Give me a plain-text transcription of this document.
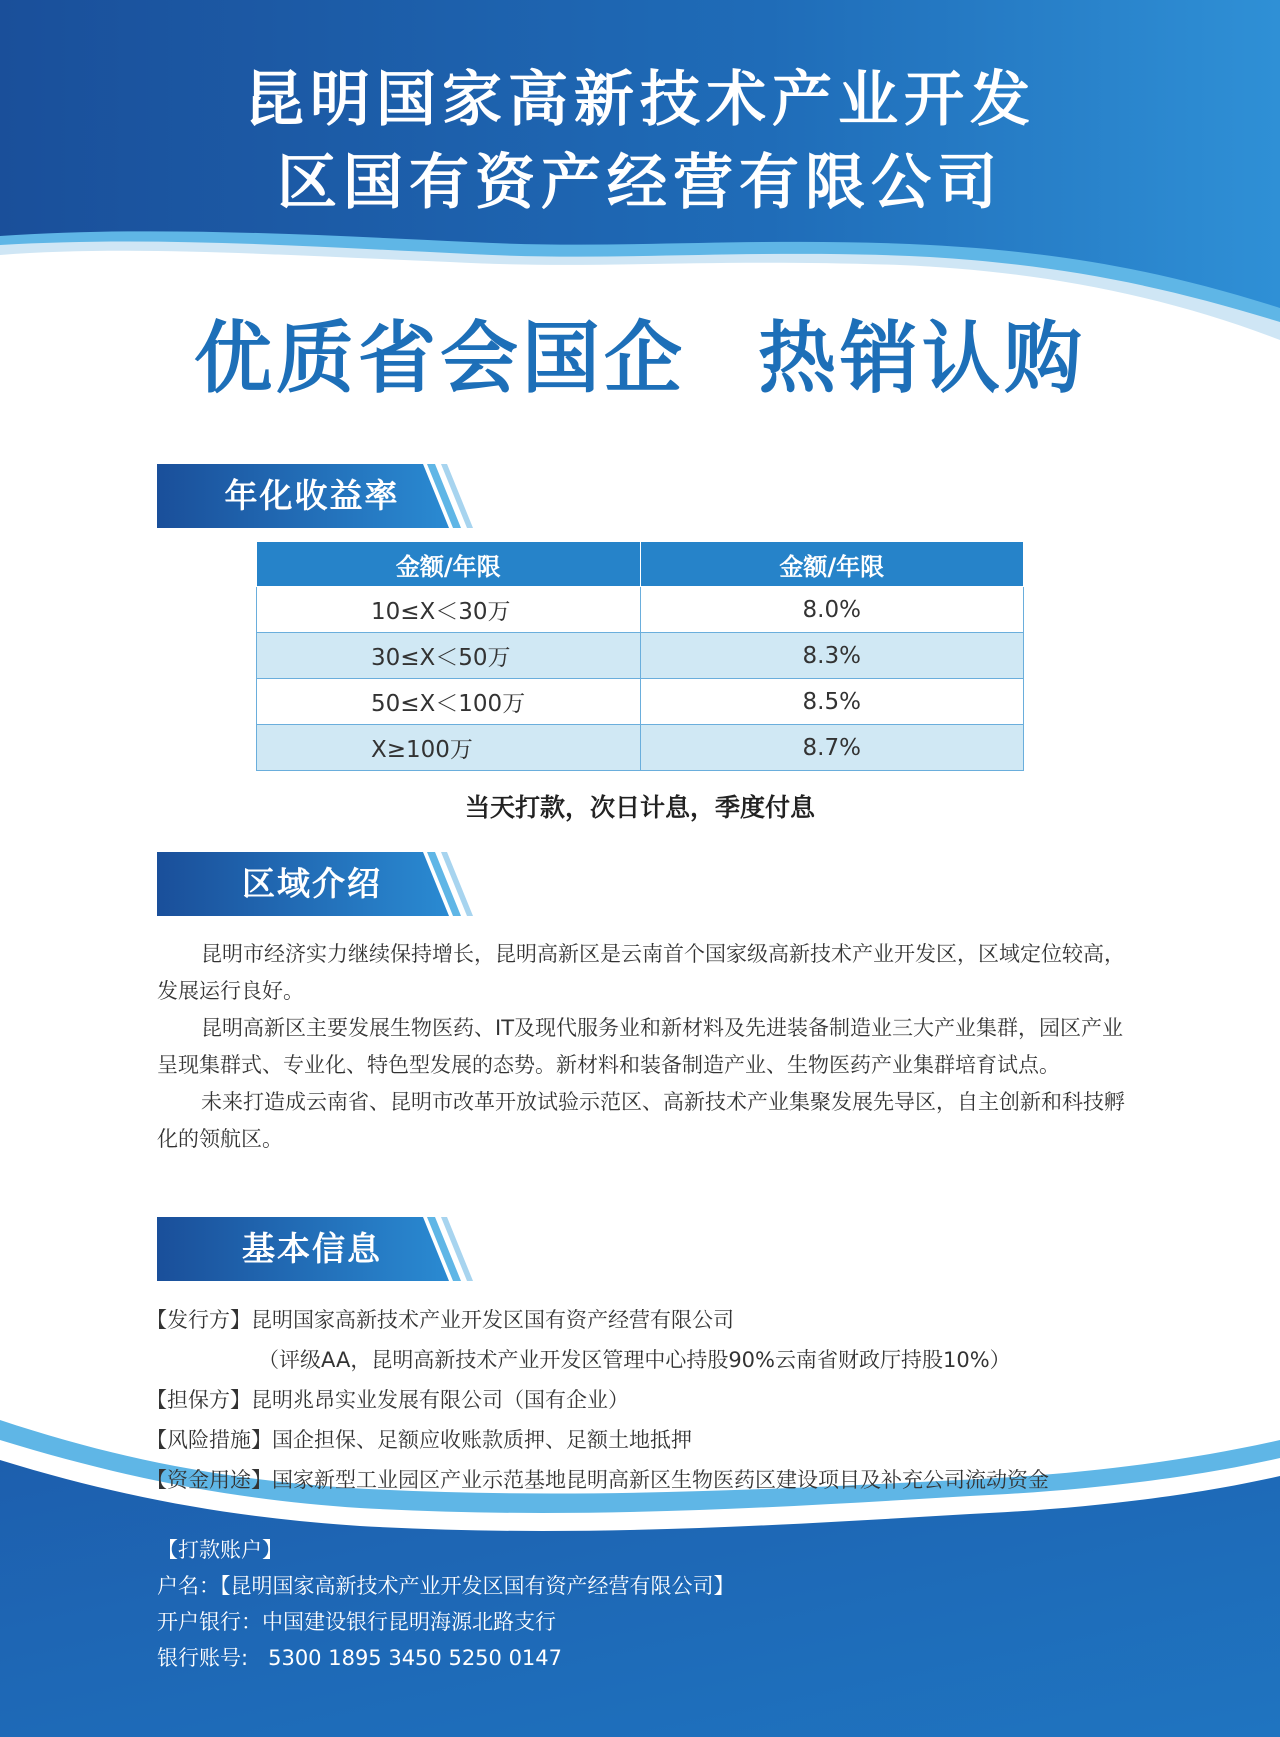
昆明国家高新技术产业开发
区国有资产经营有限公司
优质省会国企 热销认购
年化收益率
金额/年限	金额/年限
10≤X＜30万	8.0%
30≤X＜50万	8.3%
50≤X＜100万	8.5%
X≥100万	8.7%
当天打款，次日计息，季度付息
区域介绍

昆明市经济实力继续保持增长，昆明高新区是云南首个国家级高新技术产业开发区，区域定位较高，发展运行良好。

昆明高新区主要发展生物医药、IT及现代服务业和新材料及先进装备制造业三大产业集群，园区产业呈现集群式、专业化、特色型发展的态势。新材料和装备制造产业、生物医药产业集群培育试点。

未来打造成云南省、昆明市改革开放试验示范区、高新技术产业集聚发展先导区，自主创新和科技孵化的领航区。

基本信息
【发行方】昆明国家高新技术产业开发区国有资产经营有限公司
（评级AA，昆明高新技术产业开发区管理中心持股90%云南省财政厅持股10%）
【担保方】昆明兆昂实业发展有限公司（国有企业）
【风险措施】国企担保、足额应收账款质押、足额土地抵押
【资金用途】国家新型工业园区产业示范基地昆明高新区生物医药区建设项目及补充公司流动资金
【打款账户】
户名：【昆明国家高新技术产业开发区国有资产经营有限公司】
开户银行：中国建设银行昆明海源北路支行
银行账号:   5300 1895 3450 5250 0147
